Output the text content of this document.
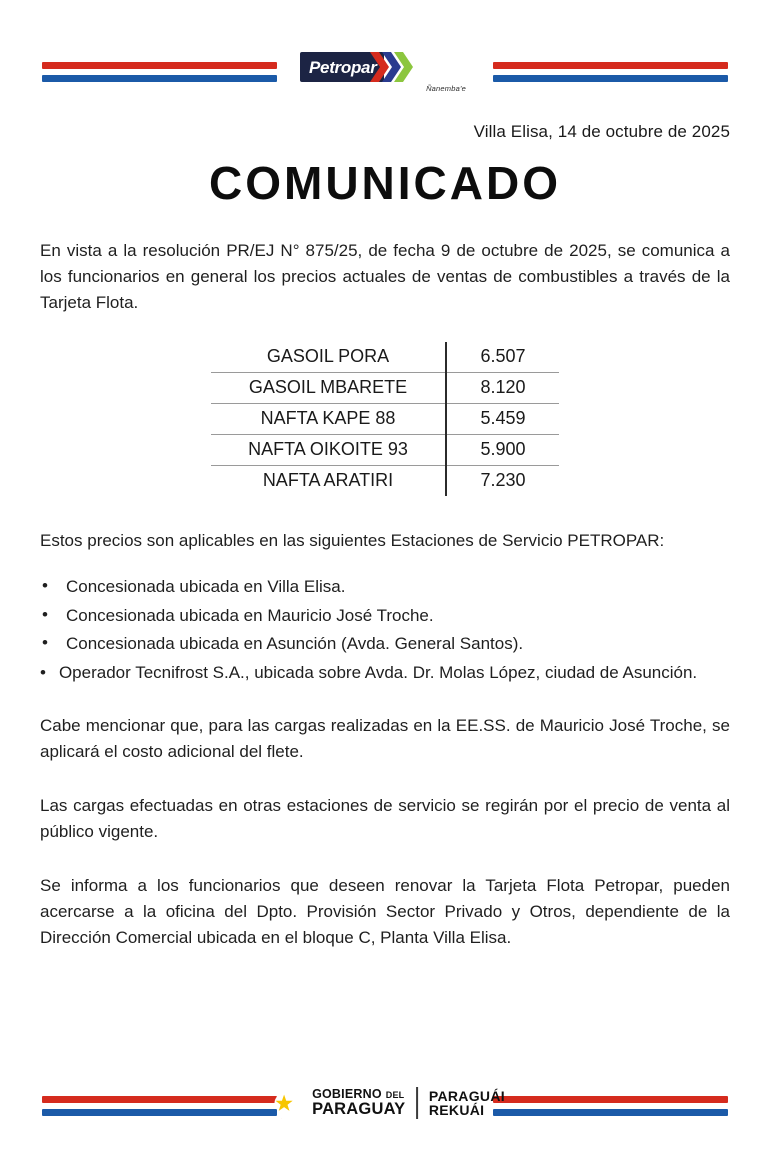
Petropar
Ñanemba'e
Villa Elisa, 14 de octubre de 2025
COMUNICADO

En vista a la resolución PR/EJ N° 875/25, de fecha 9 de octubre de 2025, se comunica a los funcionarios en general los precios actuales de ventas de combustibles a través de la Tarjeta Flota.

GASOIL PORA	6.507
GASOIL MBARETE	8.120
NAFTA KAPE 88	5.459
NAFTA OIKOITE 93	5.900
NAFTA ARATIRI	7.230

Estos precios son aplicables en las siguientes Estaciones de Servicio PETROPAR:

• Concesionada ubicada en Villa Elisa.
• Concesionada ubicada en Mauricio José Troche.
• Concesionada ubicada en Asunción (Avda. General Santos).
• Operador Tecnifrost S.A., ubicada sobre Avda. Dr. Molas López, ciudad de Asunción.

Cabe mencionar que, para las cargas realizadas en la EE.SS. de Mauricio José Troche, se aplicará el costo adicional del flete.

Las cargas efectuadas en otras estaciones de servicio se regirán por el precio de venta al público vigente.

Se informa a los funcionarios que deseen renovar la Tarjeta Flota Petropar, pueden acercarse a la oficina del Dpto. Provisión Sector Privado y Otros, dependiente de la Dirección Comercial ubicada en el bloque C, Planta Villa Elisa.

GOBIERNO DEL
PARAGUAY
PARAGUÁI
REKUÁI
